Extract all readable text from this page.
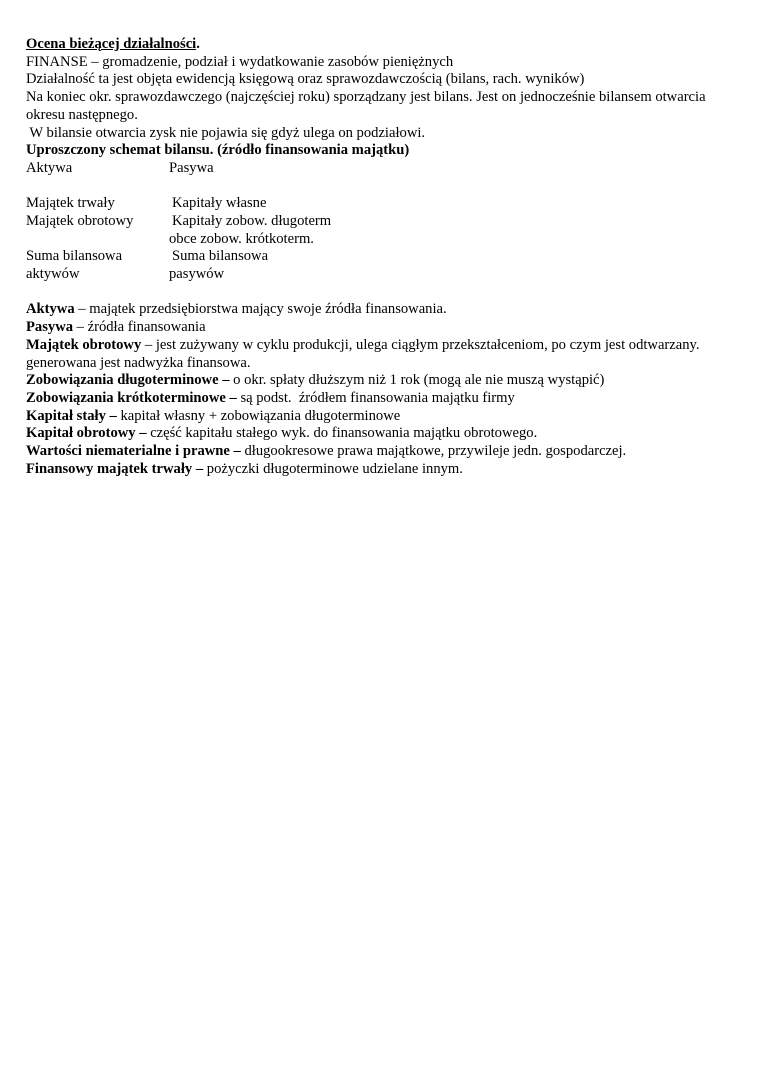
Ocena bieżącej działalności.
FINANSE – gromadzenie, podział i wydatkowanie zasobów pieniężnych
Działalność ta jest objęta ewidencją księgową oraz sprawozdawczością (bilans, rach. wyników)
Na koniec okr. sprawozdawczego (najczęściej roku) sporządzany jest bilans. Jest on jednocześnie bilansem otwarcia okresu następnego.
W bilansie otwarcia zysk nie pojawia się gdyż ulega on podziałowi.
Uproszczony schemat bilansu. (źródło finansowania majątku)
Aktywa	Pasywa
Majątek trwały	Kapitały własne
Majątek obrotowy	Kapitały zobow. długoterm
obce zobow. krótkoterm.
Suma bilansowa	Suma bilansowa
aktywów	pasywów
Aktywa – majątek przedsiębiorstwa mający swoje źródła finansowania.
Pasywa – źródła finansowania
Majątek obrotowy – jest zużywany w cyklu produkcji, ulega ciągłym przekształceniom, po czym jest odtwarzany. generowana jest nadwyżka finansowa.
Zobowiązania długoterminowe – o okr. spłaty dłuższym niż 1 rok (mogą ale nie muszą wystąpić)
Zobowiązania krótkoterminowe – są podst.  źródłem finansowania majątku firmy
Kapitał stały – kapitał własny + zobowiązania długoterminowe
Kapitał obrotowy – część kapitału stałego wyk. do finansowania majątku obrotowego.
Wartości niematerialne i prawne – długookresowe prawa majątkowe, przywileje jedn. gospodarczej.
Finansowy majątek trwały – pożyczki długoterminowe udzielane innym.
